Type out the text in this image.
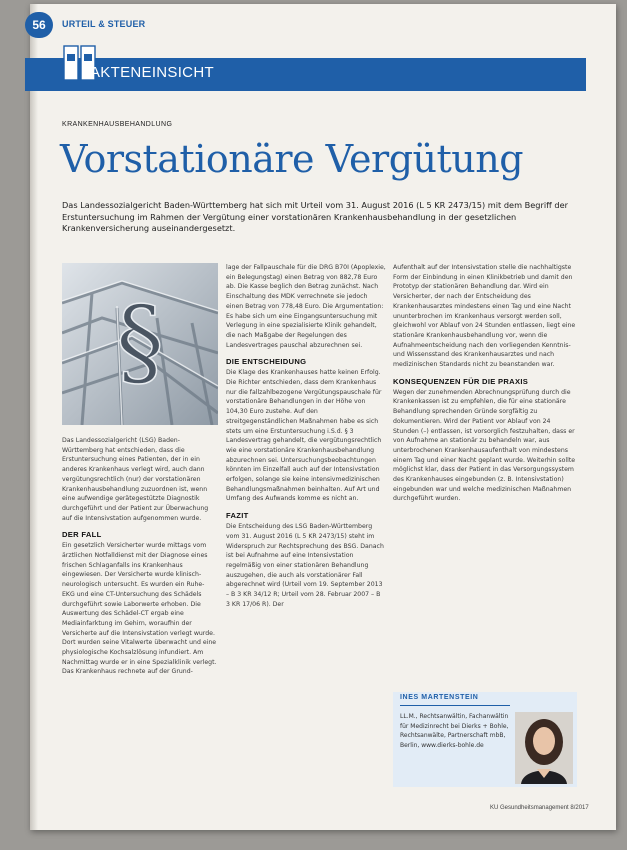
56	URTEIL & STEUER
AKTENEINSICHT
KRANKENHAUSBEHANDLUNG
Vorstationäre Vergütung

Das Landessozialgericht Baden-Württemberg hat sich mit Urteil vom 31. August 2016 (L 5 KR 2473/15) mit dem Begriff der Erstuntersuchung im Rahmen der Vergütung einer vorstationären Krankenhausbehandlung in der gesetzlichen Krankenversicherung auseinandergesetzt.

§

Das Landessozialgericht (LSG) Baden-Württemberg hat entschieden, dass die Erstuntersuchung eines Patienten, der in ein anderes Krankenhaus verlegt wird, auch dann vergütungsrechtlich (nur) der vorstationären Krankenhausbehandlung zuzuordnen ist, wenn eine aufwendige gerätegestützte Diagnostik durchgeführt und der Patient zur Überwachung auf die Intensivstation aufgenommen wurde.

DER FALL

Ein gesetzlich Versicherter wurde mittags vom ärztlichen Notfalldienst mit der Diagnose eines frischen Schlaganfalls ins Krankenhaus eingewiesen. Der Versicherte wurde klinisch-neurologisch untersucht. Es wurden ein Ruhe-EKG und eine CT-Untersuchung des Schädels durchgeführt sowie Laborwerte erhoben. Die Auswertung des Schädel-CT ergab eine Mediainfarktung im Gehirn, woraufhin der Versicherte auf die Intensivstation verlegt wurde. Dort wurden seine Vitalwerte überwacht und eine physiologische Kochsalzlösung infundiert. Am Nachmittag wurde er in eine Spezialklinik verlegt. Das Krankenhaus rechnete auf der Grund-

lage der Fallpauschale für die DRG B70I (Apoplexie, ein Belegungstag) einen Betrag von 882,78 Euro ab. Die Kasse beglich den Betrag zunächst. Nach Einschaltung des MDK verrechnete sie jedoch einen Betrag von 778,48 Euro. Die Argumentation: Es habe sich um eine Eingangsuntersuchung mit Verlegung in eine spezialisierte Klinik gehandelt, die nach Maßgabe der Regelungen des Landesvertrages pauschal abzurechnen sei.

DIE ENTSCHEIDUNG

Die Klage des Krankenhauses hatte keinen Erfolg. Die Richter entschieden, dass dem Krankenhaus nur die fallzahlbezogene Vergütungspauschale für vorstationäre Behandlungen in der Höhe von 104,30 Euro zustehe. Auf den streitgegenständlichen Maßnahmen habe es sich stets um eine Erstuntersuchung i.S.d. § 3 Landesvertrag gehandelt, die vergütungsrechtlich wie eine vorstationäre Krankenhausbehandlung abzurechnen sei. Untersuchungsbeobachtungen könnten im Einzelfall auch auf der Intensivstation erfolgen, solange sie keine intensivmedizinischen Behandlungsmaßnahmen beinhalten. Auf Art und Umfang des Aufwands komme es nicht an.

FAZIT

Die Entscheidung des LSG Baden-Württemberg vom 31. August 2016 (L 5 KR 2473/15) steht im Widerspruch zur Rechtsprechung des BSG. Danach ist bei Aufnahme auf eine Intensivstation regelmäßig von einer stationären Behandlung auszugehen, die auch als vorstationärer Fall abgerechnet wird (Urteil vom 19. September 2013 – B 3 KR 34/12 R; Urteil vom 28. Februar 2007 – B 3 KR 17/06 R). Der

Aufenthalt auf der Intensivstation stelle die nachhaltigste Form der Einbindung in einen Klinikbetrieb und damit den Prototyp der stationären Behandlung dar. Wird ein Versicherter, der nach der Entscheidung des Krankenhausarztes mindestens einen Tag und eine Nacht ununterbrochen im Krankenhaus versorgt werden soll, gleichwohl vor Ablauf von 24 Stunden entlassen, liegt eine stationäre Krankenhausbehandlung vor, wenn die Aufnahmeentscheidung nach den vorliegenden Kenntnis- und Wissensstand des Krankenhausarztes und nach medizinischen Standards nicht zu beanstanden war.

KONSEQUENZEN FÜR DIE PRAXIS

Wegen der zunehmenden Abrechnungsprüfung durch die Krankenkassen ist zu empfehlen, die für eine stationäre Behandlung sprechenden Gründe sorgfältig zu dokumentieren. Wird der Patient vor Ablauf von 24 Stunden (–) entlassen, ist vorsorglich festzuhalten, dass er von Aufnahme an stationär zu behandeln war, aus unterbrochenen Krankenhausaufenthalt von mindestens einem Tag und einer Nacht geplant wurde. Weiterhin sollte möglichst klar, dass der Patient in das Versorgungssystem des Krankenhauses eingebunden (z. B. Intensivstation) eingebunden war und welche medizinischen Maßnahmen durchgeführt wurden.

INES MARTENSTEIN

LL.M., Rechtsanwältin, Fachanwältin für Medizinrecht bei Dierks + Bohle, Rechtsanwälte, Partnerschaft mbB, Berlin, www.dierks-bohle.de

KU Gesundheitsmanagement 8/2017
